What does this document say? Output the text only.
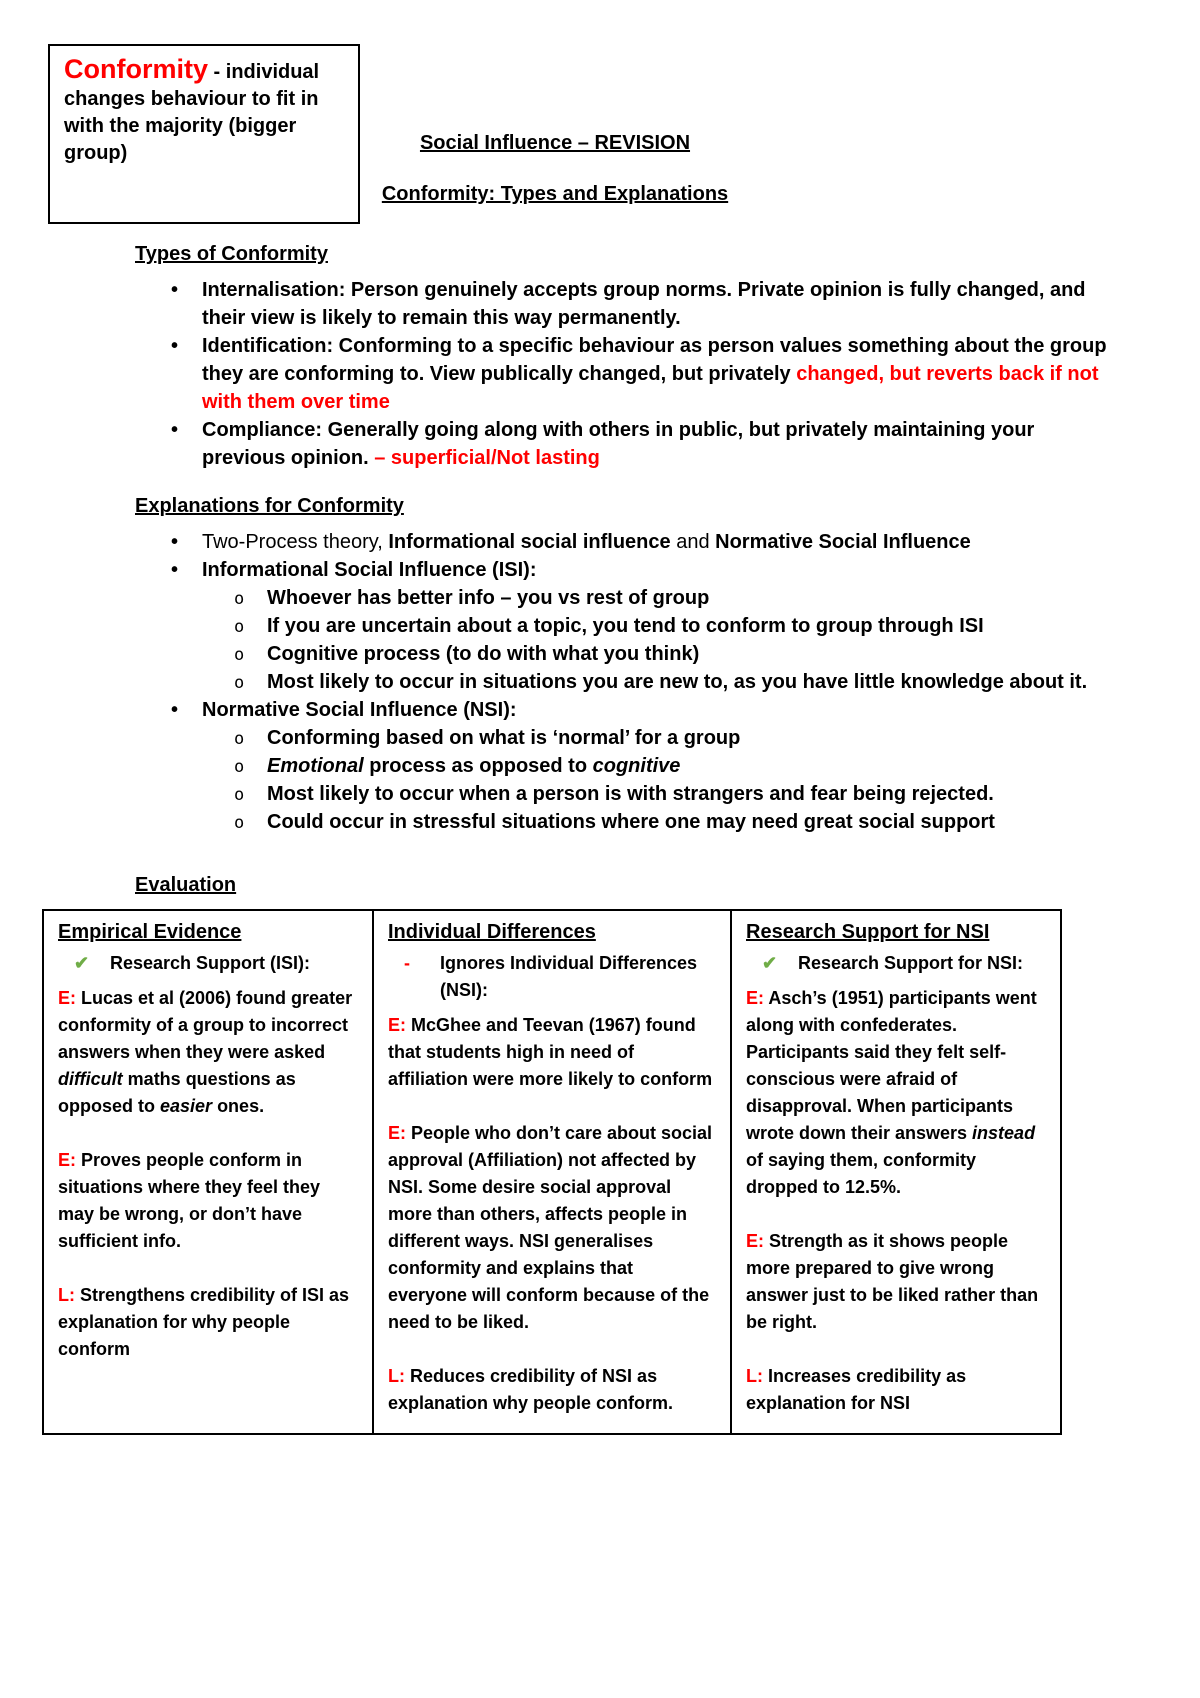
Conformity - individual changes behaviour to fit in with the majority (bigger group)	Social Influence – REVISION

Conformity: Types and Explanations

Types of Conformity

• Internalisation: Person genuinely accepts group norms. Private opinion is fully changed, and their view is likely to remain this way permanently.
• Identification: Conforming to a specific behaviour as person values something about the group they are conforming to. View publically changed, but privately changed, but reverts back if not with them over time
• Compliance: Generally going along with others in public, but privately maintaining your previous opinion. – superficial/Not lasting

Explanations for Conformity

• Two-Process theory, Informational social influence and Normative Social Influence
• Informational Social Influence (ISI):
o Whoever has better info – you vs rest of group
o If you are uncertain about a topic, you tend to conform to group through ISI
o Cognitive process (to do with what you think)
o Most likely to occur in situations you are new to, as you have little knowledge about it.
• Normative Social Influence (NSI):
o Conforming based on what is ‘normal’ for a group
o Emotional process as opposed to cognitive
o Most likely to occur when a person is with strangers and fear being rejected.
o Could occur in stressful situations where one may need great social support

Evaluation

Empirical Evidence

✔ Research Support (ISI):

E: Lucas et al (2006) found greater conformity of a group to incorrect answers when they were asked difficult maths questions as opposed to easier ones.

E: Proves people conform in situations where they feel they may be wrong, or don’t have sufficient info.

L: Strengthens credibility of ISI as explanation for why people conform

Individual Differences

- Ignores Individual Differences (NSI):

E: McGhee and Teevan (1967) found that students high in need of affiliation were more likely to conform

E: People who don’t care about social approval (Affiliation) not affected by NSI. Some desire social approval more than others, affects people in different ways. NSI generalises conformity and explains that everyone will conform because of the need to be liked.

L: Reduces credibility of NSI as explanation why people conform.

Research Support for NSI

✔ Research Support for NSI:

E: Asch’s (1951) participants went along with confederates. Participants said they felt self-conscious were afraid of disapproval. When participants wrote down their answers instead of saying them, conformity dropped to 12.5%.

E: Strength as it shows people more prepared to give wrong answer just to be liked rather than be right.

L: Increases credibility as explanation for NSI
